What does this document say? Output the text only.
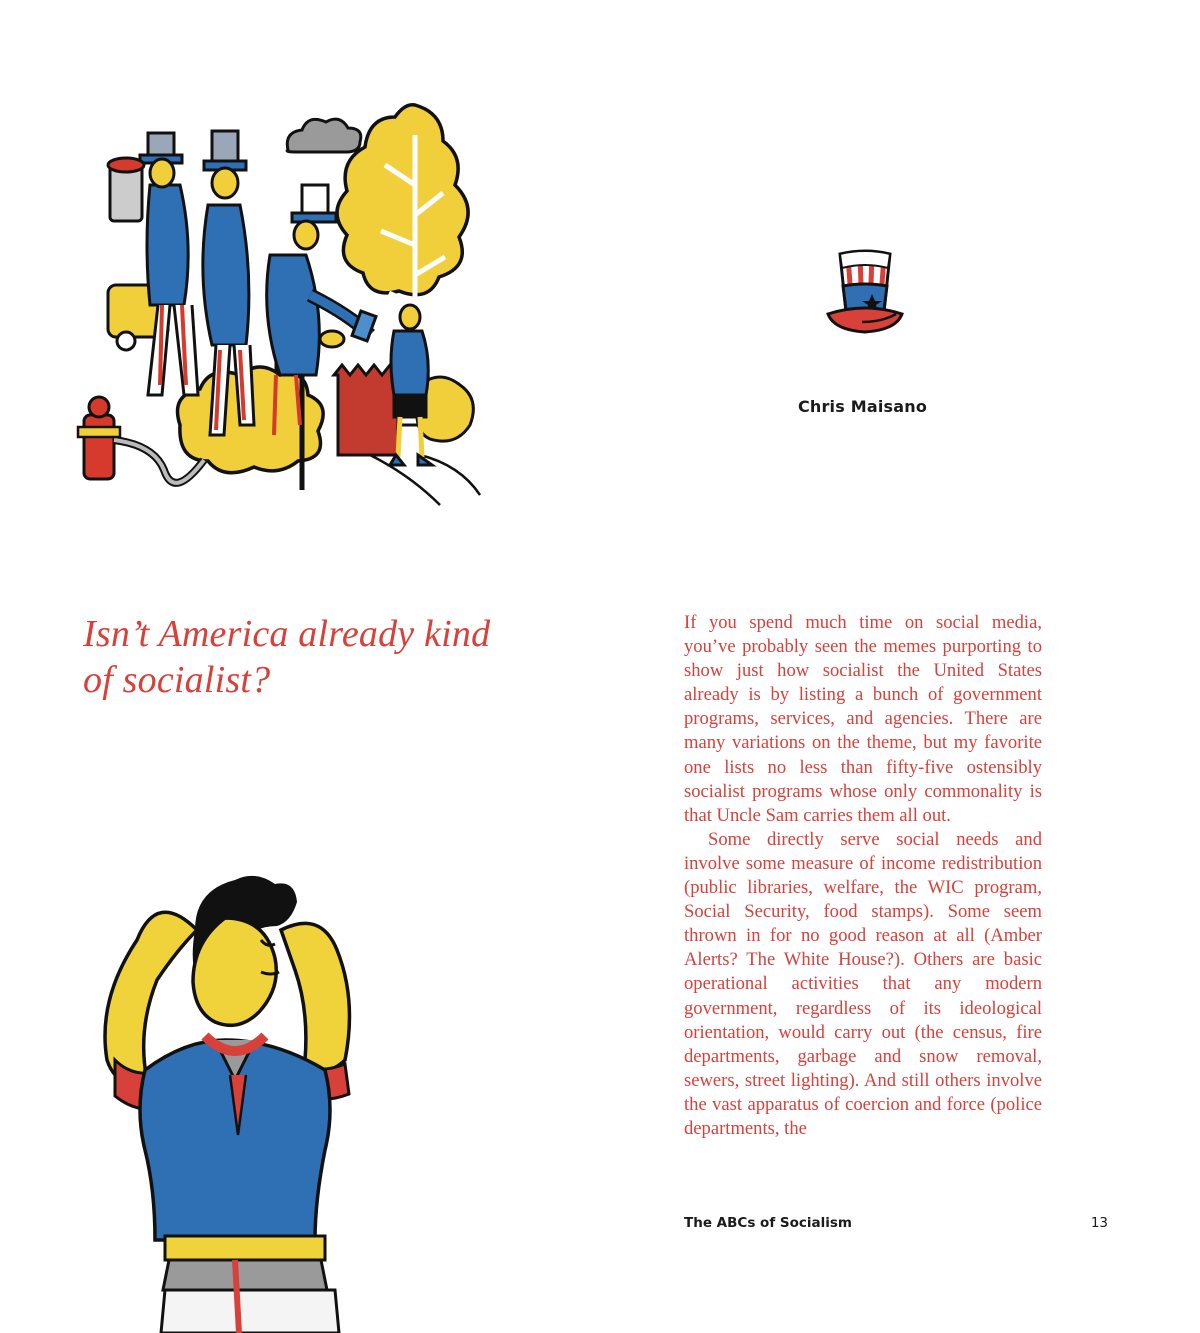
Chris Maisano
Isn’t America already kind of socialist?

If you spend much time on social media, you’ve probably seen the memes purporting to show just how socialist the United States already is by listing a bunch of government programs, services, and agencies. There are many variations on the theme, but my favorite one lists no less than fifty-five ostensibly socialist programs whose only commonality is that Uncle Sam carries them all out.

Some directly serve social needs and involve some measure of income redistribution (public libraries, welfare, the WIC program, Social Security, food stamps). Some seem thrown in for no good reason at all (Amber Alerts? The White House?). Others are basic operational activities that any modern government, regardless of its ideological orientation, would carry out (the census, fire departments, garbage and snow removal, sewers, street lighting). And still others involve the vast apparatus of coercion and force (police departments, the

The ABCs of Socialism	13
